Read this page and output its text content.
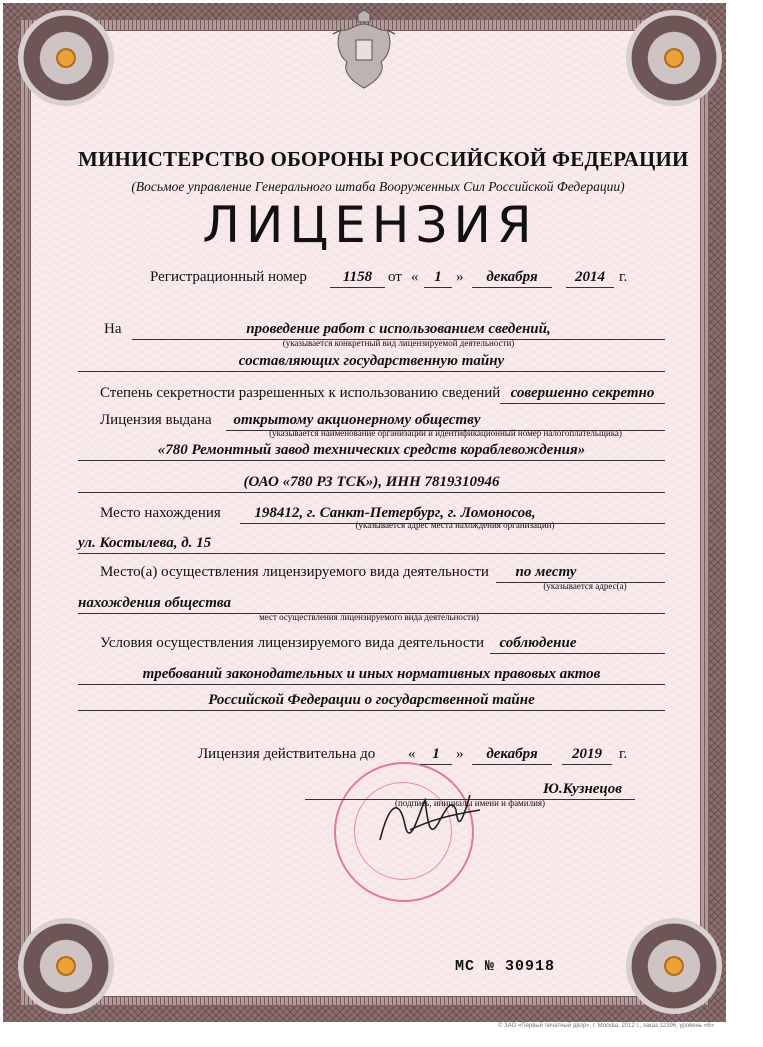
МИНИСТЕРСТВО ОБОРОНЫ РОССИЙСКОЙ ФЕДЕРАЦИИ
(Восьмое управление Генерального штаба Вооруженных Сил Российской Федерации)
ЛИЦЕНЗИЯ
Регистрационный номер	1158	от «	1 »	декабря	2014 г.
На	проведение работ с использованием сведений,
(указывается конкретный вид лицензируемой деятельности)
составляющих государственную тайну
Степень секретности разрешенных к использованию сведений совершенно секретно
Лицензия выдана	открытому акционерному обществу
(указывается наименование организации и идентификационный номер налогоплательщика)
«780 Ремонтный завод технических средств кораблевождения»
(ОАО «780 РЗ ТСК»), ИНН 7819310946
Место нахождения	198412, г. Санкт-Петербург, г. Ломоносов,
(указывается адрес места нахождения организации)
ул. Костылева, д. 15
Место(а) осуществления лицензируемого вида деятельности	по месту
(указывается адрес(а)
нахождения общества
мест осуществления лицензируемого вида деятельности)
Условия осуществления лицензируемого вида деятельности	соблюдение
требований законодательных и иных нормативных правовых актов
Российской Федерации о государственной тайне
Лицензия действительна до «	1	»	декабря	2019	г.
Ю.Кузнецов
(подпись, инициалы имени и фамилия)
МС № 30918
© ЗАО «Первый печатный двор», г. Москва, 2012 г., заказ 12396, уровень «В»
